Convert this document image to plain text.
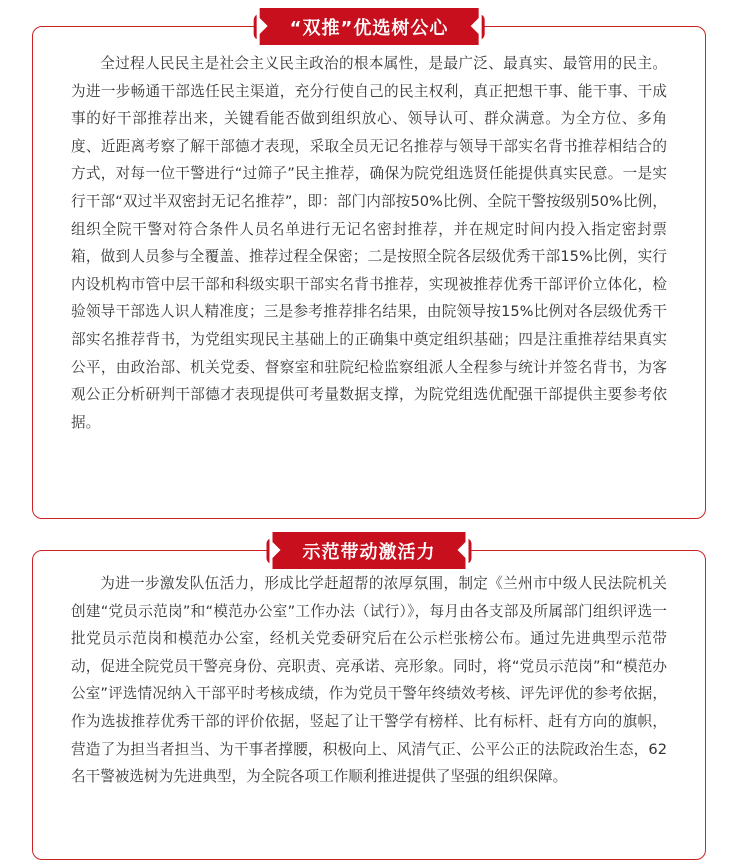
“双推”优选树公心

全过程人民民主是社会主义民主政治的根本属性，是最广泛、最真实、最管用的民主。为进一步畅通干部选任民主渠道，充分行使自己的民主权利，真正把想干事、能干事、干成事的好干部推荐出来，关键看能否做到组织放心、领导认可、群众满意。为全方位、多角度、近距离考察了解干部德才表现，采取全员无记名推荐与领导干部实名背书推荐相结合的方式，对每一位干警进行“过筛子”民主推荐，确保为院党组选贤任能提供真实民意。一是实行干部“双过半双密封无记名推荐”，即：部门内部按50%比例、全院干警按级别50%比例，组织全院干警对符合条件人员名单进行无记名密封推荐，并在规定时间内投入指定密封票箱，做到人员参与全覆盖、推荐过程全保密；二是按照全院各层级优秀干部15%比例，实行内设机构市管中层干部和科级实职干部实名背书推荐，实现被推荐优秀干部评价立体化，检验领导干部选人识人精准度；三是参考推荐排名结果，由院领导按15%比例对各层级优秀干部实名推荐背书，为党组实现民主基础上的正确集中奠定组织基础；四是注重推荐结果真实公平，由政治部、机关党委、督察室和驻院纪检监察组派人全程参与统计并签名背书，为客观公正分析研判干部德才表现提供可考量数据支撑，为院党组选优配强干部提供主要参考依据。

示范带动激活力

为进一步激发队伍活力，形成比学赶超帮的浓厚氛围，制定《兰州市中级人民法院机关创建“党员示范岗”和“模范办公室”工作办法（试行）》，每月由各支部及所属部门组织评选一批党员示范岗和模范办公室，经机关党委研究后在公示栏张榜公布。通过先进典型示范带动，促进全院党员干警亮身份、亮职责、亮承诺、亮形象。同时，将“党员示范岗”和“模范办公室”评选情况纳入干部平时考核成绩，作为党员干警年终绩效考核、评先评优的参考依据，作为选拔推荐优秀干部的评价依据，竖起了让干警学有榜样、比有标杆、赶有方向的旗帜，营造了为担当者担当、为干事者撑腰，积极向上、风清气正、公平公正的法院政治生态，62名干警被选树为先进典型，为全院各项工作顺利推进提供了坚强的组织保障。
